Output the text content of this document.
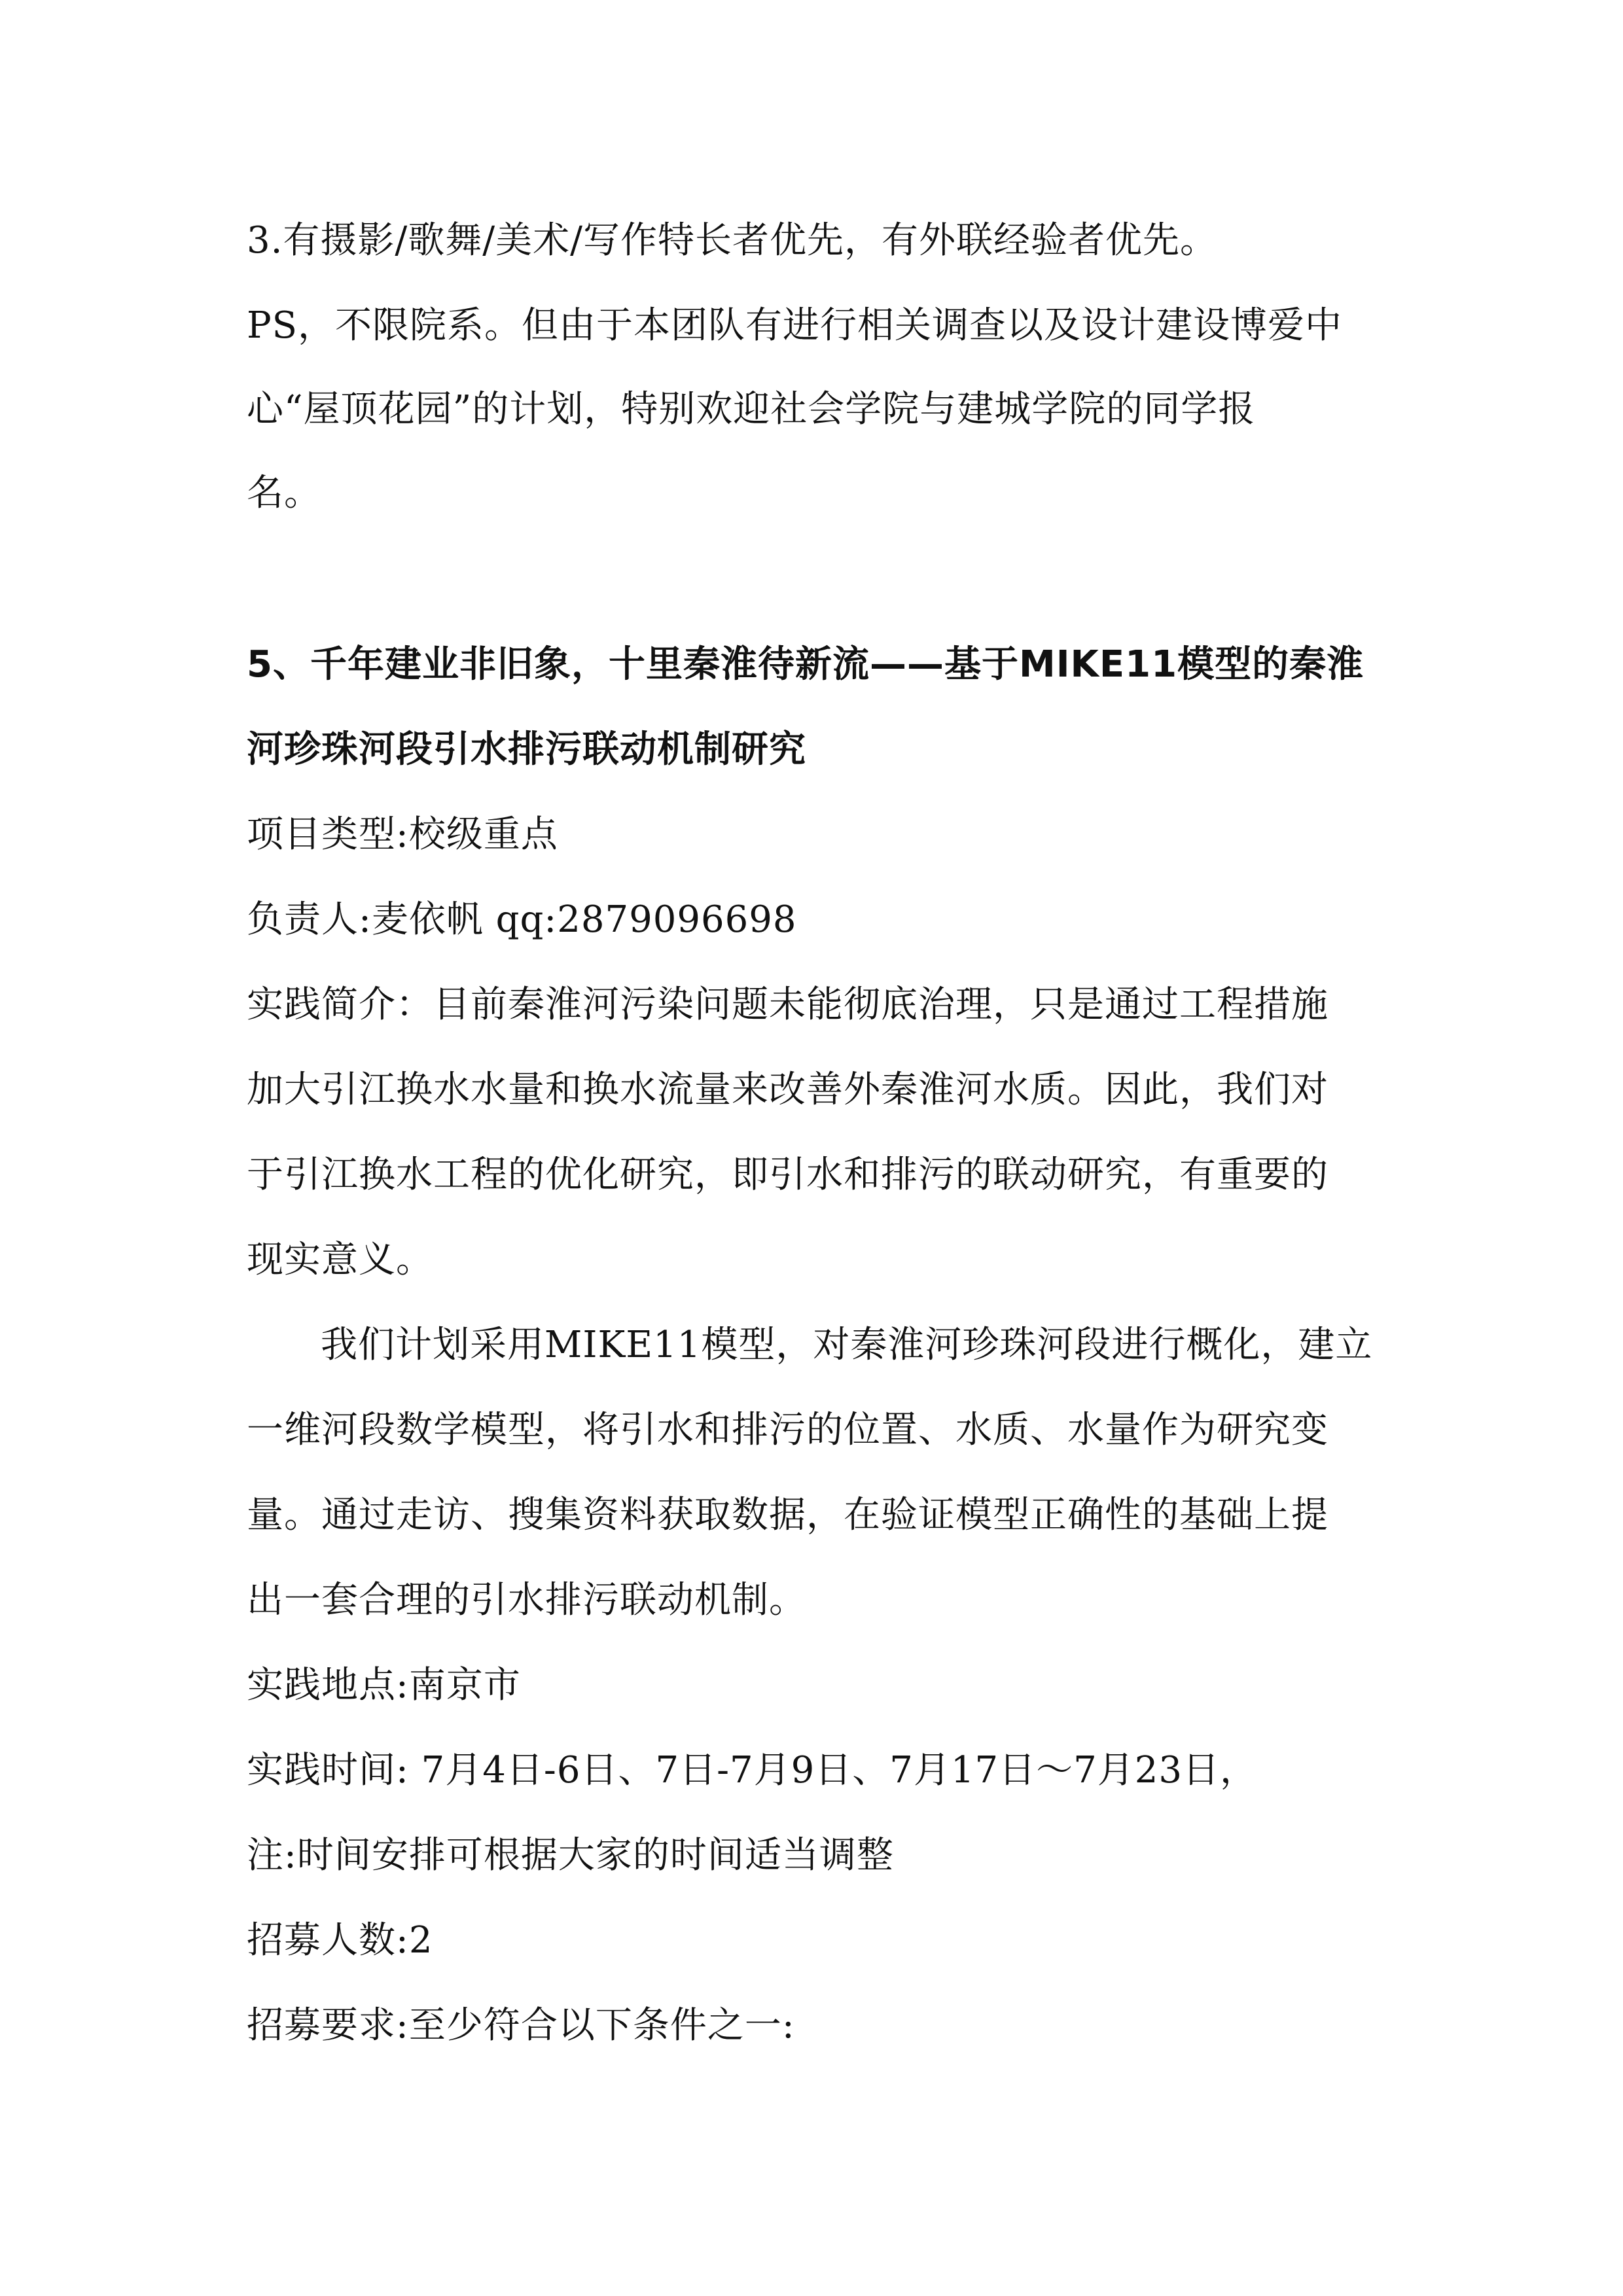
3.有摄影/歌舞/美术/写作特长者优先，有外联经验者优先。

PS，不限院系。但由于本团队有进行相关调查以及设计建设博爱中

心“屋顶花园”的计划，特别欢迎社会学院与建城学院的同学报

名。

5、千年建业非旧象，十里秦淮待新流——基于MIKE11模型的秦淮
河珍珠河段引水排污联动机制研究

项目类型:校级重点

负责人:麦依帆 qq:2879096698

实践简介：目前秦淮河污染问题未能彻底治理，只是通过工程措施

加大引江换水水量和换水流量来改善外秦淮河水质。因此，我们对

于引江换水工程的优化研究，即引水和排污的联动研究，有重要的

现实意义。

我们计划采用MIKE11模型，对秦淮河珍珠河段进行概化，建立

一维河段数学模型，将引水和排污的位置、水质、水量作为研究变

量。通过走访、搜集资料获取数据，在验证模型正确性的基础上提

出一套合理的引水排污联动机制。

实践地点:南京市

实践时间: 7月4日-6日、7日-7月9日、7月17日～7月23日，

注:时间安排可根据大家的时间适当调整

招募人数:2

招募要求:至少符合以下条件之一:
